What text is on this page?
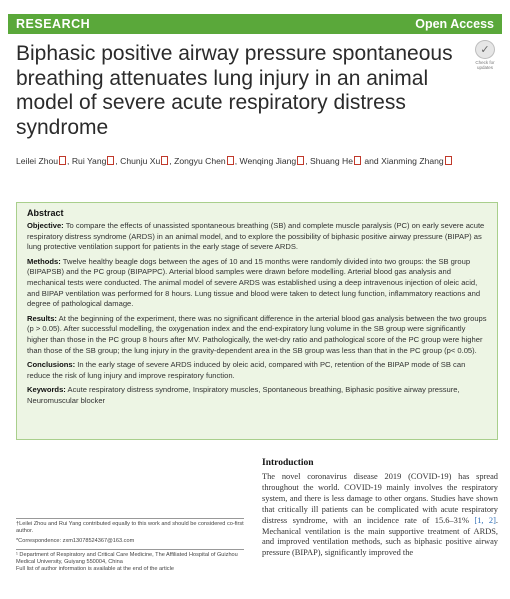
RESEARCH	Open Access
Biphasic positive airway pressure spontaneous breathing attenuates lung injury in an animal model of severe acute respiratory distress syndrome
✓
Check for updates
Leilei Zhou , Rui Yang , Chunju Xu , Zongyu Chen , Wenqing Jiang , Shuang He and Xianming Zhang
Abstract

Objective: To compare the effects of unassisted spontaneous breathing (SB) and complete muscle paralysis (PC) on early severe acute respiratory distress syndrome (ARDS) in an animal model, and to explore the possibility of biphasic positive airway pressure (BIPAP) as lung protective ventilation support for patients in the early stage of severe ARDS.

Methods: Twelve healthy beagle dogs between the ages of 10 and 15 months were randomly divided into two groups: the SB group (BIPAPSB) and the PC group (BIPAPPC). Arterial blood samples were drawn before modelling. Arterial blood gas analysis and mechanical tests were conducted. The animal model of severe ARDS was established using a deep intravenous injection of oleic acid, and BIPAP ventilation was performed for 8 hours. Lung tissue and blood were taken to detect lung function, inflammatory reactions and degree of pathological damage.

Results: At the beginning of the experiment, there was no significant difference in the arterial blood gas analysis between the two groups (p > 0.05). After successful modelling, the oxygenation index and the end-expiratory lung volume in the SB group were significantly higher than those in the PC group 8 hours after MV. Pathologically, the wet-dry ratio and pathological score of the PC group were higher than those of the SB group; the lung injury in the gravity-dependent area in the SB group was less than that in the PC group (p< 0.05).

Conclusions: In the early stage of severe ARDS induced by oleic acid, compared with PC, retention of the BIPAP mode of SB can reduce the risk of lung injury and improve respiratory function.

Keywords: Acute respiratory distress syndrome, Inspiratory muscles, Spontaneous breathing, Biphasic positive airway pressure, Neuromuscular blocker

Introduction
The novel coronavirus disease 2019 (COVID-19) has spread throughout the world. COVID-19 mainly involves the respiratory system, and there is less damage to other organs. Studies have shown that critically ill patients can be complicated with acute respiratory distress syndrome, with an incidence rate of 15.6–31% [1, 2]. Mechanical ventilation is the main supportive treatment of ARDS, and improved ventilation methods, such as biphasic positive airway pressure (BIPAP), significantly improved the
†Leilei Zhou and Rui Yang contributed equally to this work and should be considered co-first author.
*Correspondence: zxm13078524367@163.com
¹ Department of Respiratory and Critical Care Medicine, The Affiliated Hospital of Guizhou Medical University, Guiyang 550004, China
Full list of author information is available at the end of the article
